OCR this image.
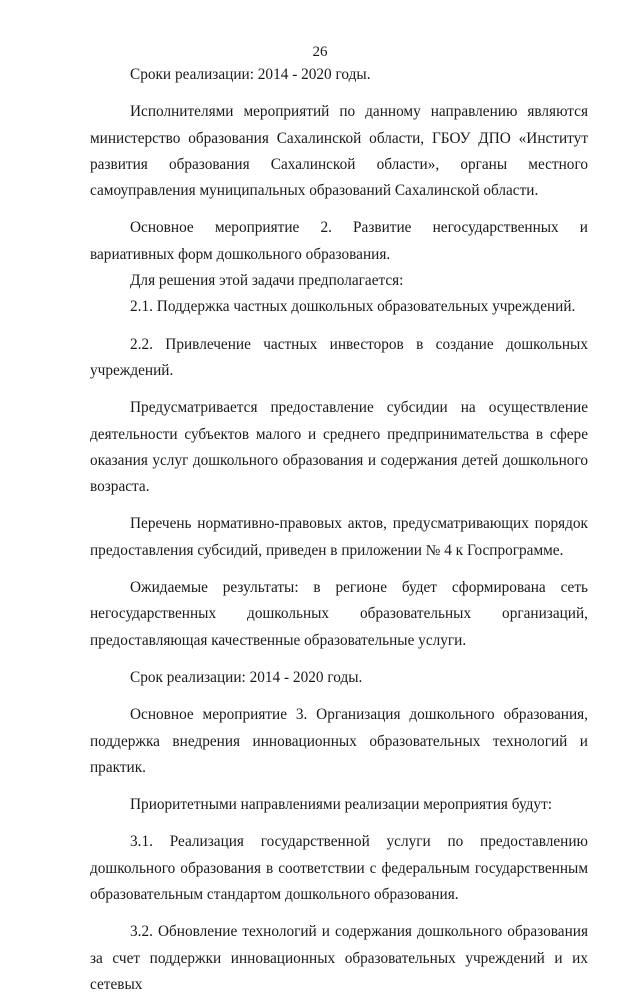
26

Сроки реализации: 2014 - 2020 годы.

Исполнителями мероприятий по данному направлению являются министерство образования Сахалинской области, ГБОУ ДПО «Институт развития образования Сахалинской области», органы местного самоуправления муниципальных образований Сахалинской области.

Основное мероприятие 2. Развитие негосударственных и вариативных форм дошкольного образования.

Для решения этой задачи предполагается:

2.1. Поддержка частных дошкольных образовательных учреждений.

2.2. Привлечение частных инвесторов в создание дошкольных учреждений.

Предусматривается предоставление субсидии на осуществление деятельности субъектов малого и среднего предпринимательства в сфере оказания услуг дошкольного образования и содержания детей дошкольного возраста.

Перечень нормативно-правовых актов, предусматривающих порядок предоставления субсидий, приведен в приложении № 4 к Госпрограмме.

Ожидаемые результаты: в регионе будет сформирована сеть негосударственных дошкольных образовательных организаций, предоставляющая качественные образовательные услуги.

Срок реализации: 2014 - 2020 годы.

Основное мероприятие 3. Организация дошкольного образования, поддержка внедрения инновационных образовательных технологий и практик.

Приоритетными направлениями реализации мероприятия будут:

3.1. Реализация государственной услуги по предоставлению дошкольного образования в соответствии с федеральным государственным образовательным стандартом дошкольного образования.

3.2. Обновление технологий и содержания дошкольного образования за счет поддержки инновационных образовательных учреждений и их сетевых
